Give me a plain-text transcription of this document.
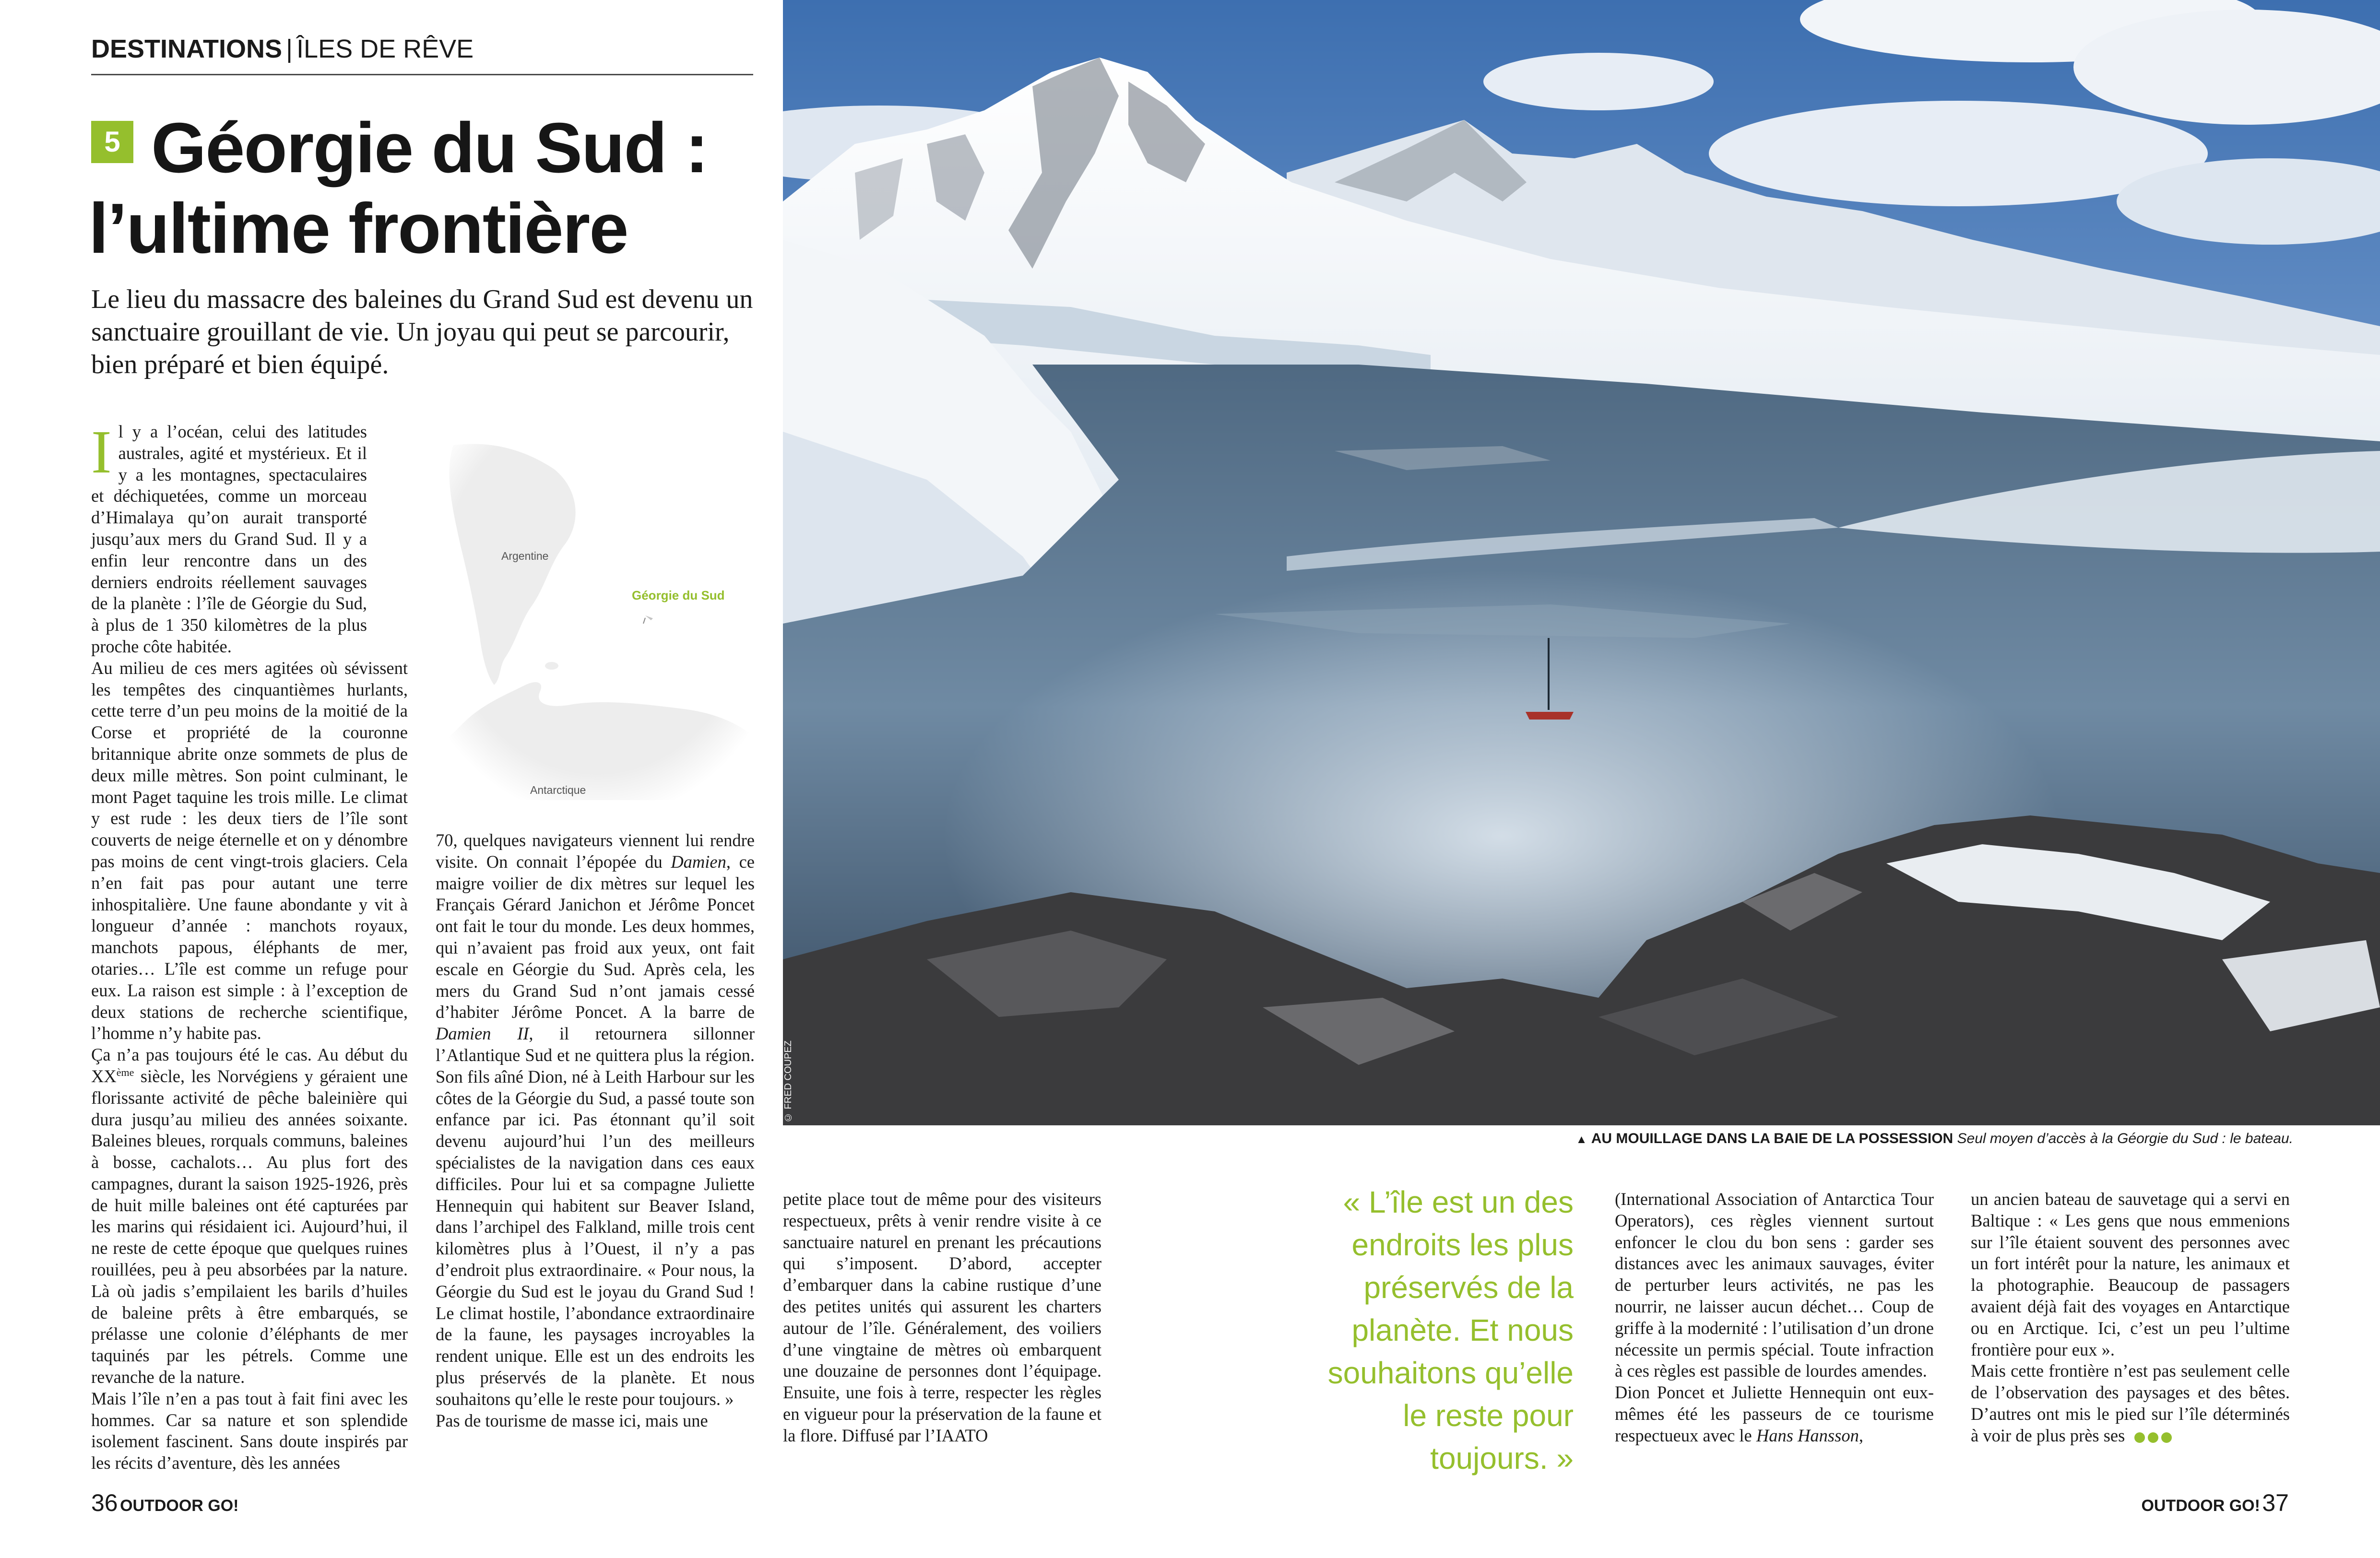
DESTINATIONS | ÎLES DE RÊVE
5 Géorgie du Sud :
l’ultime frontière
Le lieu du massacre des baleines du Grand Sud est devenu un sanctuaire grouillant de vie. Un joyau qui peut se parcourir, bien préparé et bien équipé.

Il y a l’océan, celui des latitudes australes, agité et mystérieux. Et il y a les montagnes, spectaculaires et déchiquetées, comme un morceau d’Himalaya qu’on aurait transporté jusqu’aux mers du Grand Sud. Il y a enfin leur rencontre dans un des derniers endroits réellement sauvages de la planète : l’île de Géorgie du Sud, à plus de 1 350 kilomètres de la plus proche côte habitée.

Au milieu de ces mers agitées où sévissent les tempêtes des cinquantièmes hurlants, cette terre d’un peu moins de la moitié de la Corse et propriété de la couronne britannique abrite onze sommets de plus de deux mille mètres. Son point culminant, le mont Paget taquine les trois mille. Le climat y est rude : les deux tiers de l’île sont couverts de neige éternelle et on y dénombre pas moins de cent vingt-trois glaciers. Cela n’en fait pas pour autant une terre inhospitalière. Une faune abondante y vit à longueur d’année : manchots royaux, manchots papous, éléphants de mer, otaries… L’île est comme un refuge pour eux. La raison est simple : à l’exception de deux stations de recherche scientifique, l’homme n’y habite pas.

Ça n’a pas toujours été le cas. Au début du XXème siècle, les Norvégiens y géraient une florissante activité de pêche baleinière qui dura jusqu’au milieu des années soixante. Baleines bleues, rorquals communs, baleines à bosse, cachalots… Au plus fort des campagnes, durant la saison 1925-1926, près de huit mille baleines ont été capturées par les marins qui résidaient ici. Aujourd’hui, il ne reste de cette époque que quelques ruines rouillées, peu à peu absorbées par la nature. Là où jadis s’empilaient les barils d’huiles de baleine prêts à être embarqués, se prélasse une colonie d’éléphants de mer taquinés par les pétrels. Comme une revanche de la nature.

Mais l’île n’en a pas tout à fait fini avec les hommes. Car sa nature et son splendide isolement fascinent. Sans doute inspirés par les récits d’aventure, dès les années

Argentine
Géorgie du Sud
Antarctique

70, quelques navigateurs viennent lui rendre visite. On connait l’épopée du Damien, ce maigre voilier de dix mètres sur lequel les Français Gérard Janichon et Jérôme Poncet ont fait le tour du monde. Les deux hommes, qui n’avaient pas froid aux yeux, ont fait escale en Géorgie du Sud. Après cela, les mers du Grand Sud n’ont jamais cessé d’habiter Jérôme Poncet. A la barre de Damien II, il retournera sillonner l’Atlantique Sud et ne quittera plus la région. Son fils aîné Dion, né à Leith Harbour sur les côtes de la Géorgie du Sud, a passé toute son enfance par ici. Pas étonnant qu’il soit devenu aujourd’hui l’un des meilleurs spécialistes de la navigation dans ces eaux difficiles. Pour lui et sa compagne Juliette Hennequin qui habitent sur Beaver Island, dans l’archipel des Falkland, mille trois cent kilomètres plus à l’Ouest, il n’y a pas d’endroit plus extraordinaire. « Pour nous, la Géorgie du Sud est le joyau du Grand Sud ! Le climat hostile, l’abondance extraordinaire de la faune, les paysages incroyables la rendent unique. Elle est un des endroits les plus préservés de la planète. Et nous souhaitons qu’elle le reste pour toujours. »

Pas de tourisme de masse ici, mais une

© FRED COUPEZ
▲ AU MOUILLAGE DANS LA BAIE DE LA POSSESSION Seul moyen d’accès à la Géorgie du Sud : le bateau.

petite place tout de même pour des visiteurs respectueux, prêts à venir rendre visite à ce sanctuaire naturel en prenant les précautions qui s’imposent. D’abord, accepter d’embarquer dans la cabine rustique d’une des petites unités qui assurent les charters autour de l’île. Généralement, des voiliers d’une vingtaine de mètres où embarquent une douzaine de personnes dont l’équipage. Ensuite, une fois à terre, respecter les règles en vigueur pour la préservation de la faune et la flore. Diffusé par l’IAATO

« L’île est un des endroits les plus préservés de la planète. Et nous souhaitons qu’elle le reste pour toujours. »

(International Association of Antarctica Tour Operators), ces règles viennent surtout enfoncer le clou du bon sens : garder ses distances avec les animaux sauvages, éviter de perturber leurs activités, ne pas les nourrir, ne laisser aucun déchet… Coup de griffe à la modernité : l’utilisation d’un drone nécessite un permis spécial. Toute infraction à ces règles est passible de lourdes amendes.

Dion Poncet et Juliette Hennequin ont eux-mêmes été les passeurs de ce tourisme respectueux avec le Hans Hansson,

un ancien bateau de sauvetage qui a servi en Baltique : « Les gens que nous emmenions sur l’île étaient souvent des personnes avec un fort intérêt pour la nature, les animaux et la photographie. Beaucoup de passagers avaient déjà fait des voyages en Antarctique ou en Arctique. Ici, c’est un peu l’ultime frontière pour eux ».

Mais cette frontière n’est pas seulement celle de l’observation des paysages et des bêtes. D’autres ont mis le pied sur l’île déterminés à voir de plus près ses

36 OUTDOOR GO!	OUTDOOR GO! 37
